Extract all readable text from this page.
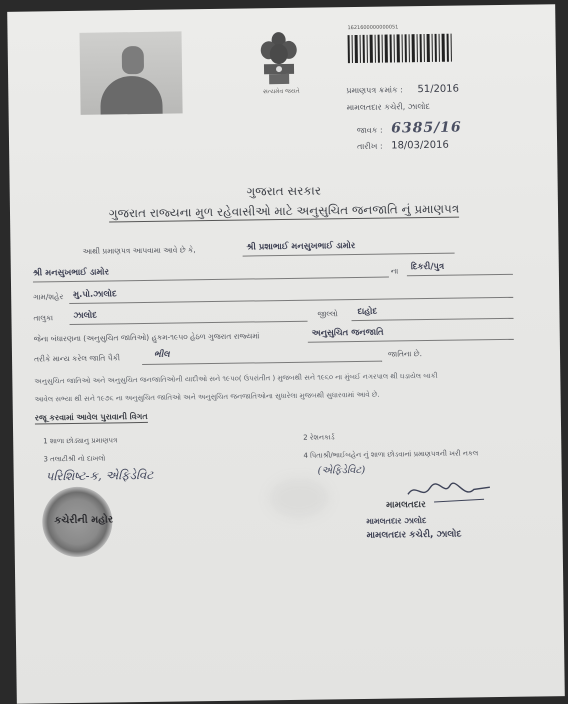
સત્યમેવ જયતે
1621600000000051
પ્રમાણપત્ર ક્રમાંક : 51/2016
મામલતદાર કચેરી, ઝાલોદ
જાવક : 6385/16
તારીખ : 18/03/2016
ગુજરાત સરકાર
ગુજરાત રાજ્યના મુળ રહેવાસીઓ માટે અનુસુચિત જનજાતિ નું પ્રમાણપત્ર
આથી પ્રમાણપત્ર આપવામા આવે છે કે,	શ્રી પ્રશાભાઈ મનસુખભાઈ ડામોર
શ્રી મનસુખભાઈ ડામોર	ના દિકરી/પુત્ર
ગામ/શહેર મુ.પો.ઝાલોદ
તાલુકા ઝાલોદ	જીલ્લો દાહોદ
જેના બંધારણના (અનુસુચિત જાતિઓ) હુકમ-૧૯૫૦ હેઠળ ગુજરાત રાજ્યમાં	અનુસુચિત જનજાતિ
તરીકે માન્ય કરેલ જાતિ પૈકી	ભીલ	જાતિના છે.
અનુસુચિત જાતિઓ અને અનુસુચિત જનજાતિઓની યાદીઓ સને ૧૯૫૦( ઉપરાંતીત ) મુજબથી સને ૧૯૬૦ ના મુંબઈ નગરપાલ થી ઘડાયેલ બાકી
આવેલ સભ્યા થી સને ૧૯૭૬ ના અનુસુચિત જાતિઓ અને અનુસુચિત જનજાતિઓના સુધારેલા મુજબથી સુધારવામાં આવે છે.
રજૂ કરવામાં આવેલ પુરાવાની વિગત
1 શાળા છોડ્યાનુ પ્રમાણપત્ર	2 રેશનકાર્ડ
3 તલાટીશ્રી નો દાખલો	4 પિતાશ્રી/ભાઈબહેન નું શાળા છોડવાનાં પ્રમાણપત્રની ખરી નકલ
પરિશિષ્ટ-ક, એફિડેવિટ	(એફિડેવિટ)
કચેરીની મહોર
મામલતદાર
મામલતદાર ઝાલોદ
મામલતદાર કચેરી, ઝાલોદ
